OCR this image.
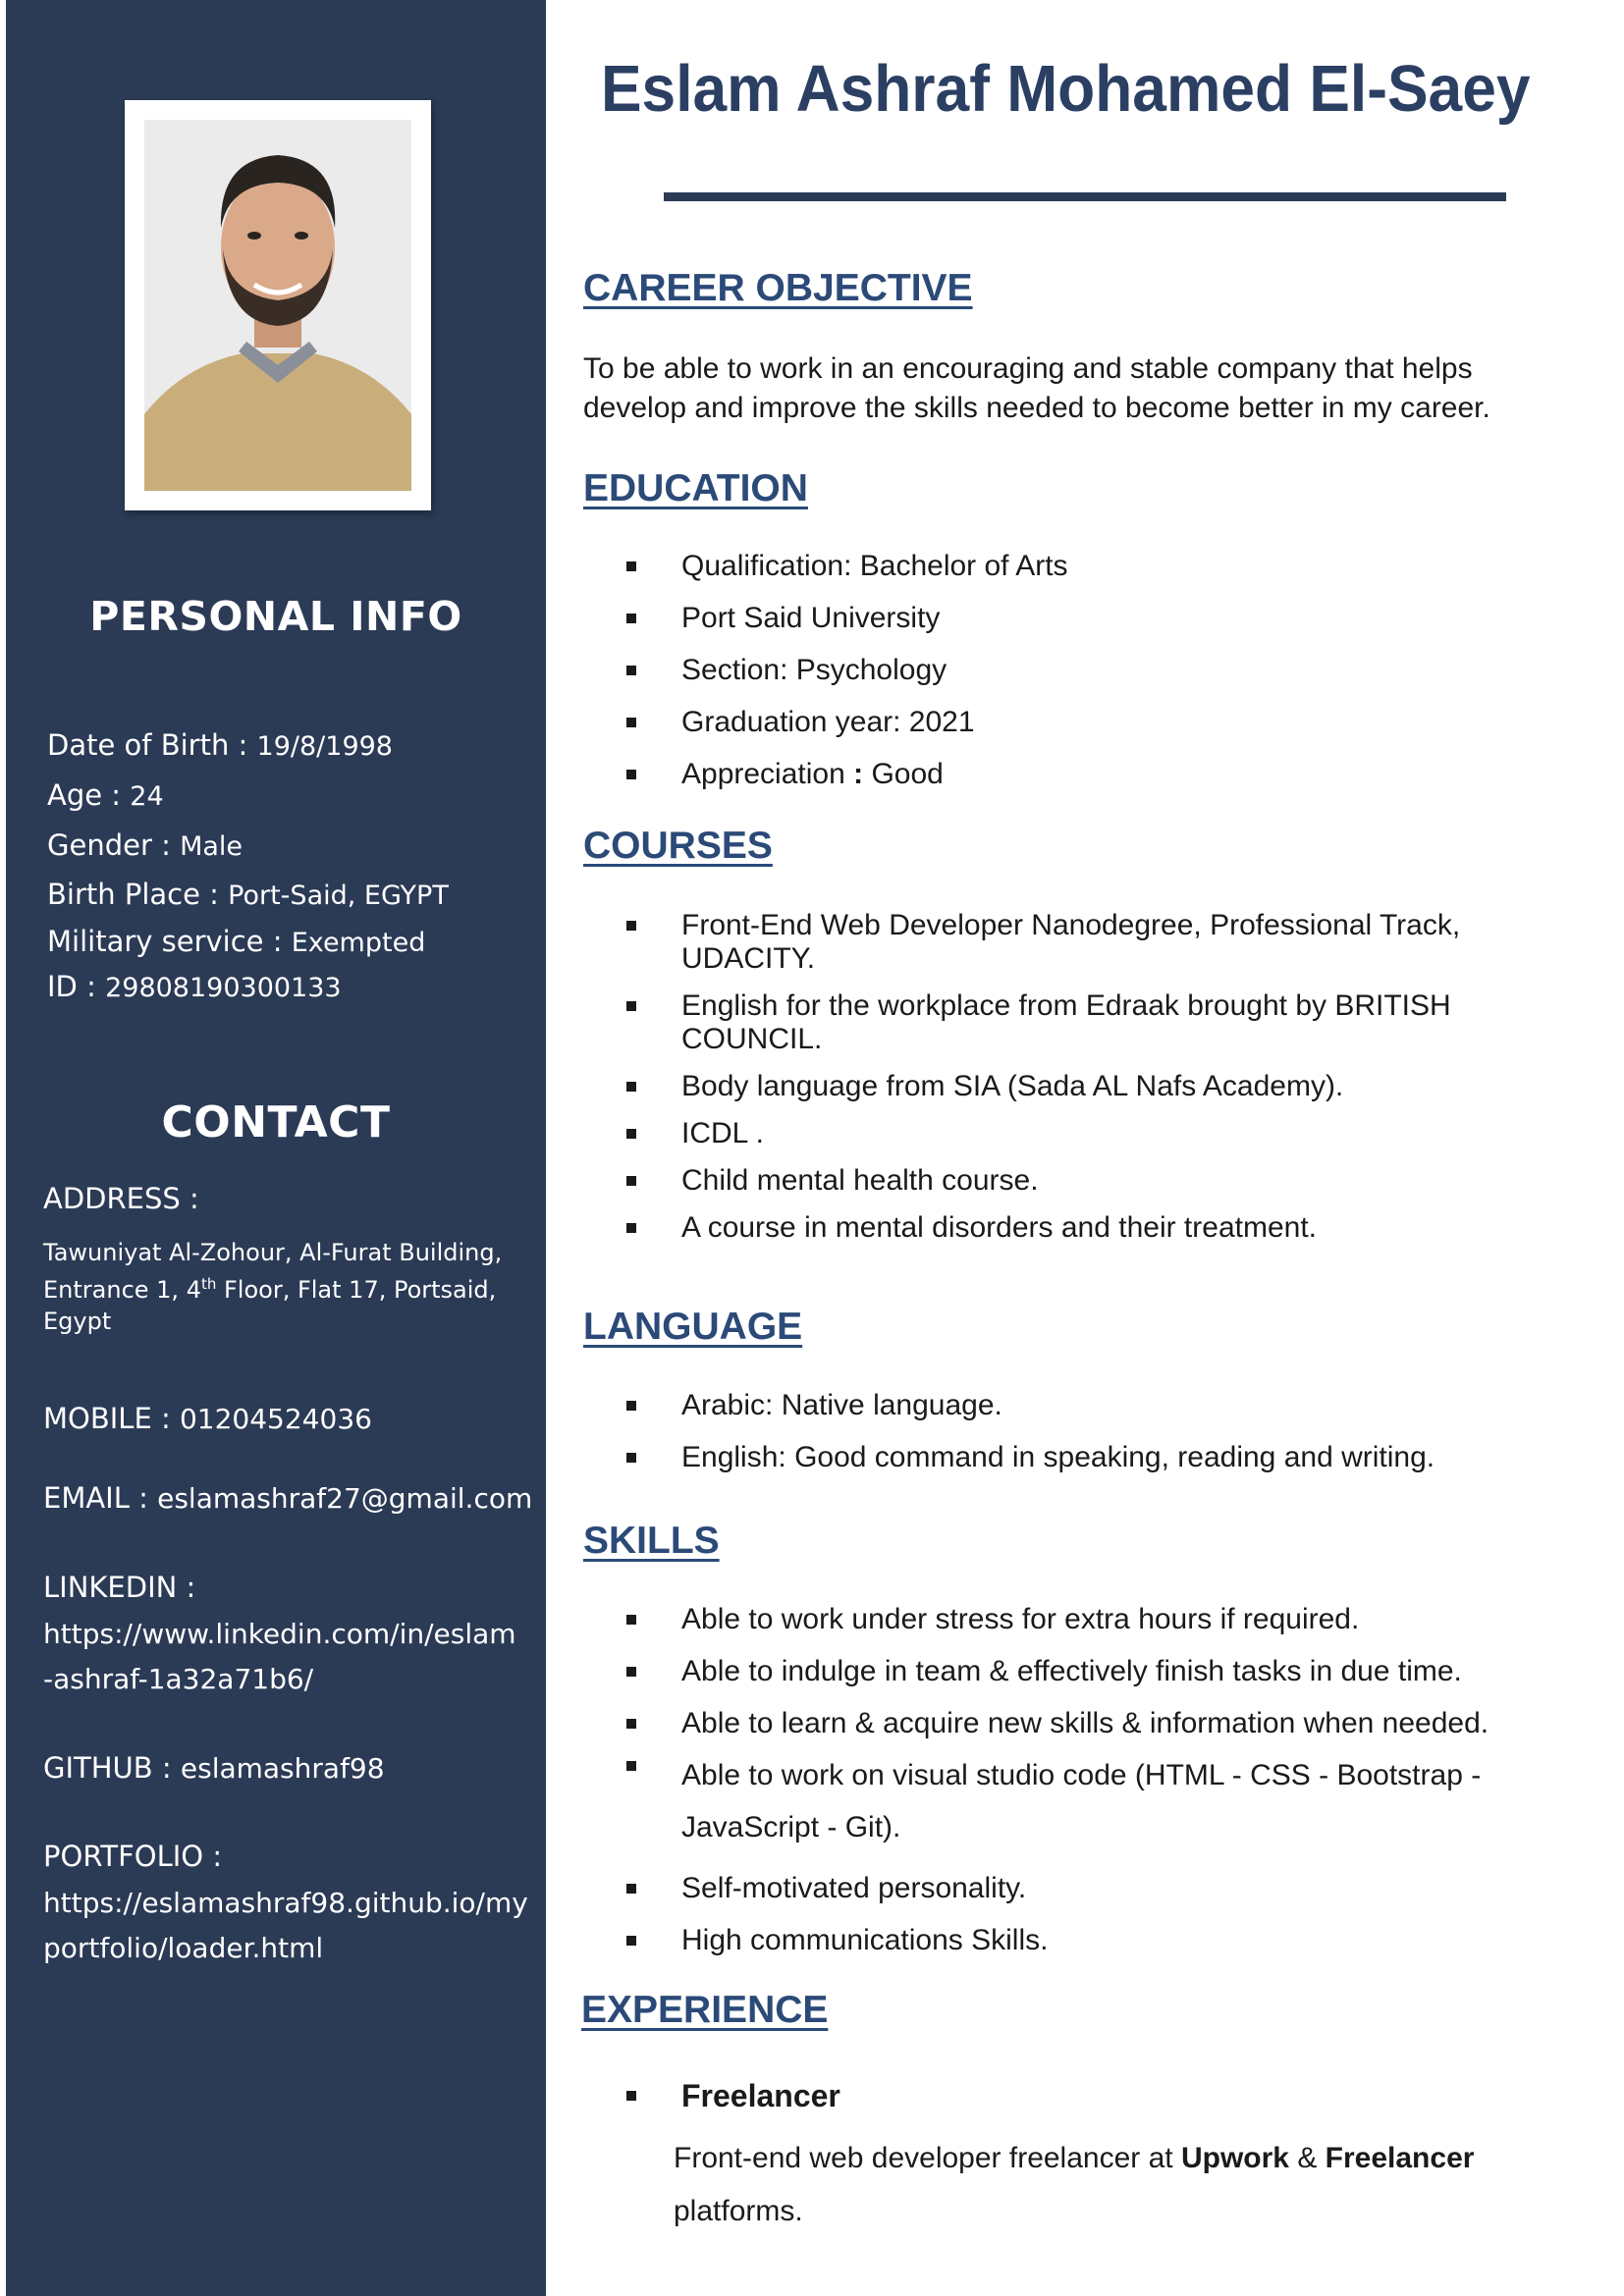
PERSONAL INFO
Date of Birth : 19/8/1998
Age : 24
Gender : Male
Birth Place : Port-Said, EGYPT
Military service : Exempted
ID : 29808190300133
CONTACT
ADDRESS :
Tawuniyat Al-Zohour, Al-Furat Building,
Entrance 1, 4th Floor, Flat 17, Portsaid,
Egypt
MOBILE : 01204524036
EMAIL : eslamashraf27@gmail.com
LINKEDIN :
https://www.linkedin.com/in/eslam
-ashraf-1a32a71b6/
GITHUB : eslamashraf98
PORTFOLIO :
https://eslamashraf98.github.io/my
portfolio/loader.html
Eslam Ashraf Mohamed El-Saey
CAREER OBJECTIVE
To be able to work in an encouraging and stable company that helps
develop and improve the skills needed to become better in my career.
EDUCATION
Qualification: Bachelor of Arts
Port Said University
Section: Psychology
Graduation year: 2021
Appreciation : Good
COURSES
Front-End Web Developer Nanodegree, Professional Track, UDACITY.
English for the workplace from Edraak brought by BRITISH COUNCIL.
Body language from SIA (Sada AL Nafs Academy).
ICDL .
Child mental health course.
A course in mental disorders and their treatment.
LANGUAGE
Arabic: Native language.
English: Good command in speaking, reading and writing.
SKILLS
Able to work under stress for extra hours if required.
Able to indulge in team & effectively finish tasks in due time.
Able to learn & acquire new skills & information when needed.
Able to work on visual studio code (HTML - CSS - Bootstrap - JavaScript - Git).
Self-motivated personality.
High communications Skills.
EXPERIENCE
Freelancer
Front-end web developer freelancer at Upwork & Freelancer
platforms.
